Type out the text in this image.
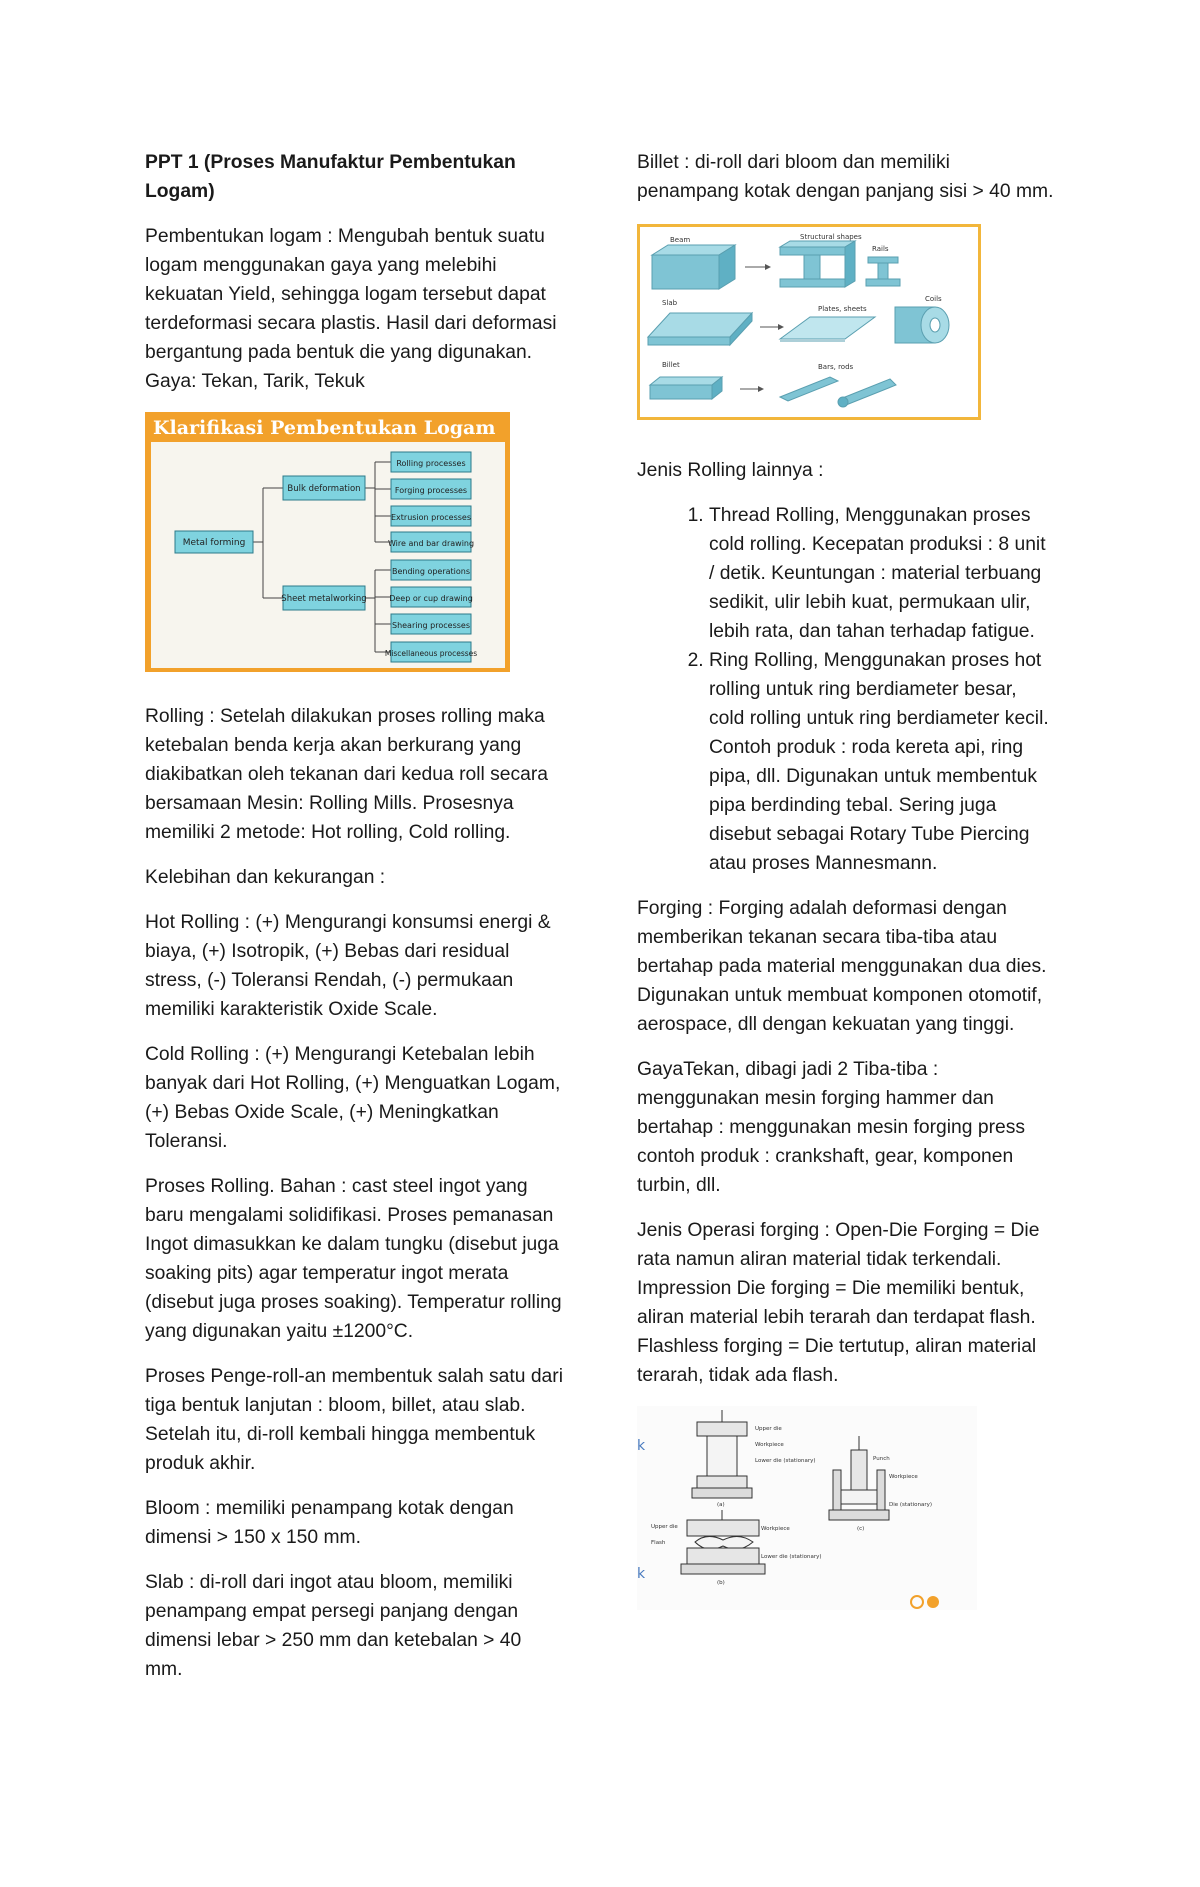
PPT 1 (Proses Manufaktur Pembentukan Logam)

Pembentukan logam : Mengubah bentuk suatu logam menggunakan gaya yang melebihi kekuatan Yield, sehingga logam tersebut dapat terdeformasi secara plastis. Hasil dari deformasi bergantung pada bentuk die yang digunakan. Gaya: Tekan, Tarik, Tekuk

Klarifikasi Pembentukan Logam
Metal forming
Bulk deformation
Sheet metalworking
Rolling processes
Forging processes
Extrusion processes
Wire and bar drawing
Bending operations
Deep or cup drawing
Shearing processes
Miscellaneous processes

Rolling : Setelah dilakukan proses rolling maka ketebalan benda kerja akan berkurang yang diakibatkan oleh tekanan dari kedua roll secara bersamaan Mesin: Rolling Mills. Prosesnya memiliki 2 metode: Hot rolling, Cold rolling.

Kelebihan dan kekurangan :

Hot Rolling : (+) Mengurangi konsumsi energi & biaya, (+) Isotropik, (+) Bebas dari residual stress, (-) Toleransi Rendah, (-) permukaan memiliki karakteristik Oxide Scale.

Cold Rolling : (+) Mengurangi Ketebalan lebih banyak dari Hot Rolling, (+) Menguatkan Logam, (+) Bebas Oxide Scale, (+) Meningkatkan Toleransi.

Proses Rolling. Bahan : cast steel ingot yang baru mengalami solidifikasi. Proses pemanasan Ingot dimasukkan ke dalam tungku (disebut juga soaking pits) agar temperatur ingot merata (disebut juga proses soaking). Temperatur rolling yang digunakan yaitu ±1200°C.

Proses Penge-roll-an membentuk salah satu dari tiga bentuk lanjutan : bloom, billet, atau slab. Setelah itu, di-roll kembali hingga membentuk produk akhir.

Bloom : memiliki penampang kotak dengan dimensi > 150 x 150 mm.

Slab : di-roll dari ingot atau bloom, memiliki penampang empat persegi panjang dengan dimensi lebar > 250 mm dan ketebalan > 40 mm.

Billet : di-roll dari bloom dan memiliki penampang kotak dengan panjang sisi > 40 mm.

Beam	Structural shapes
Rails
Slab
Plates, sheets
Coils
Billet	Bars, rods

Jenis Rolling lainnya :

1. Thread Rolling, Menggunakan proses cold rolling. Kecepatan produksi : 8 unit / detik. Keuntungan : material terbuang sedikit, ulir lebih kuat, permukaan ulir, lebih rata, dan tahan terhadap fatigue.
2. Ring Rolling, Menggunakan proses hot rolling untuk ring berdiameter besar, cold rolling untuk ring berdiameter kecil. Contoh produk : roda kereta api, ring pipa, dll. Digunakan untuk membentuk pipa berdinding tebal. Sering juga disebut sebagai Rotary Tube Piercing atau proses Mannesmann.

Forging : Forging adalah deformasi dengan memberikan tekanan secara tiba-tiba atau bertahap pada material menggunakan dua dies. Digunakan untuk membuat komponen otomotif, aerospace, dll dengan kekuatan yang tinggi.

GayaTekan, dibagi jadi 2 Tiba-tiba : menggunakan mesin forging hammer dan bertahap : menggunakan mesin forging press contoh produk : crankshaft, gear, komponen turbin, dll.

Jenis Operasi forging : Open-Die Forging = Die rata namun aliran material tidak terkendali. Impression Die forging = Die memiliki bentuk, aliran material lebih terarah dan terdapat flash. Flashless forging = Die tertutup, aliran material terarah, tidak ada flash.

k
k
Upper die
Workpiece
Lower die (stationary)
(a)
Upper die
Flash
Workpiece
Lower die (stationary)
(b)
Punch
Workpiece
Die (stationary)
(c)
